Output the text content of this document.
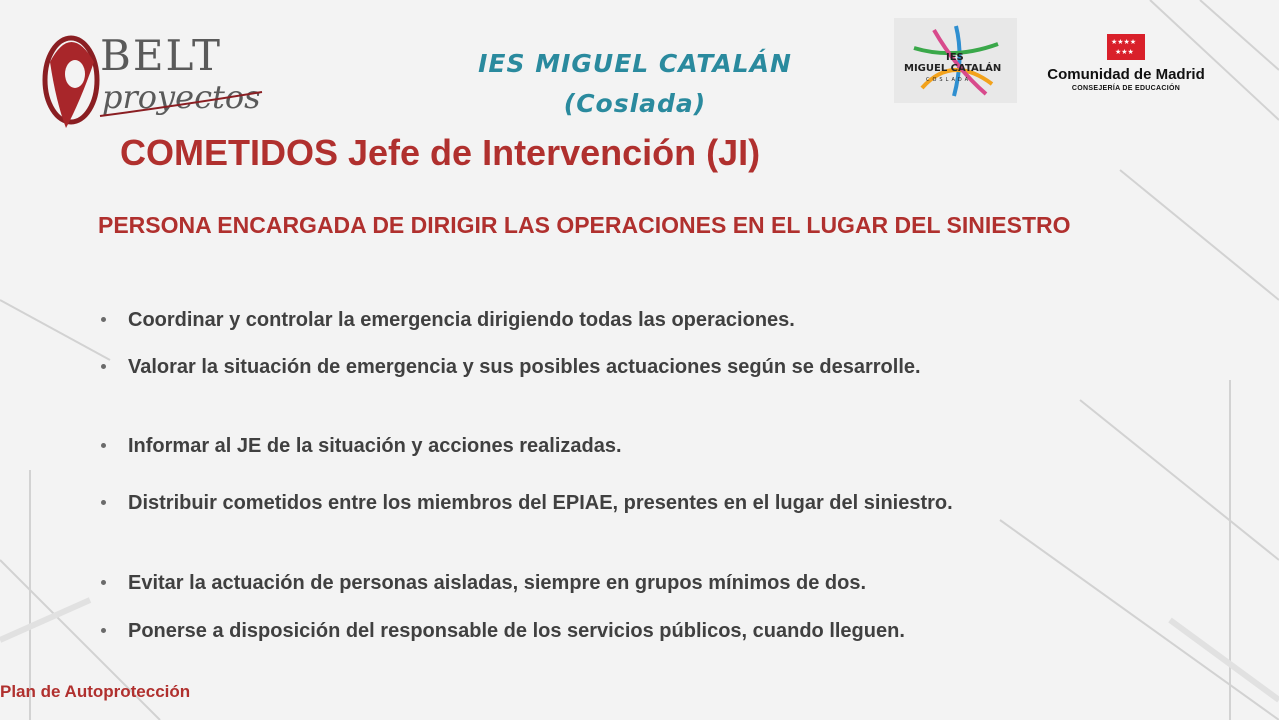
BELT
proyectos
IES MIGUEL CATALÁN
(Coslada)
IES
MIGUEL CATALÁN
COSLADA
★★★★
★★★
Comunidad de Madrid
CONSEJERÍA DE EDUCACIÓN
COMETIDOS Jefe de Intervención (JI)
PERSONA ENCARGADA DE DIRIGIR LAS OPERACIONES EN EL LUGAR DEL SINIESTRO
Coordinar y controlar la emergencia dirigiendo todas las operaciones.
Valorar la situación de emergencia y sus posibles actuaciones según se desarrolle.
Informar al JE de la situación y acciones realizadas.
Distribuir cometidos entre los miembros del EPIAE, presentes en el lugar del siniestro.
Evitar la actuación de personas aisladas, siempre en grupos mínimos de dos.
Ponerse a disposición del responsable de los servicios públicos, cuando lleguen.
Plan de Autoprotección
